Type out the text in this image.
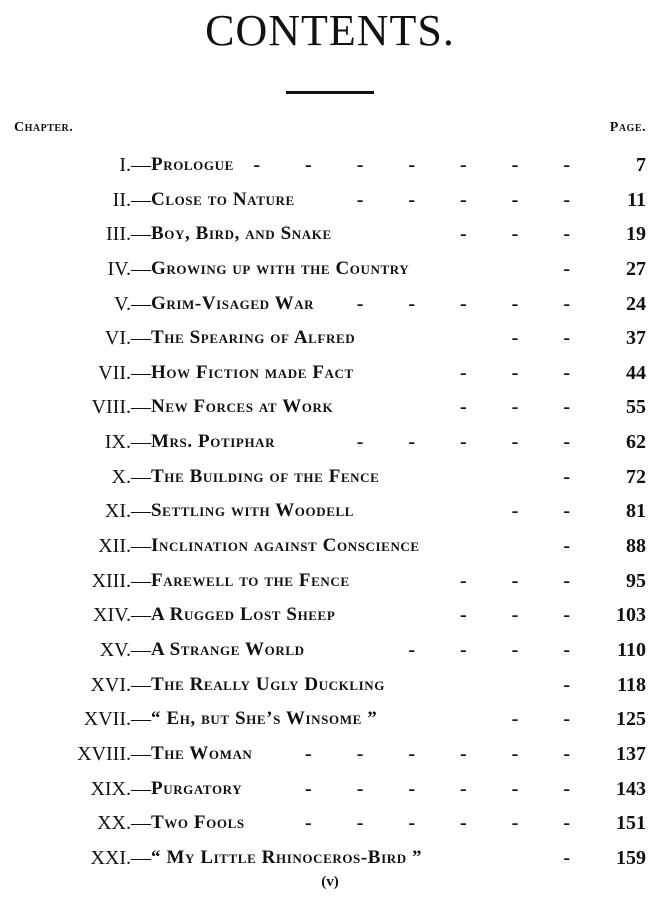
CONTENTS.
Chapter.	Page.
I. — Prologue - - - - - - - 7
II. — Close to Nature	- - - - - 11
III. — Boy, Bird, and Snake	- - - 19
IV. — Growing up with the Country	- 27
V. — Grim-Visaged War - - - - - 24
VI. — The Spearing of Alfred	- - 37
VII. — How Fiction made Fact	- - - 44
VIII. — New Forces at Work	- - - 55
IX. — Mrs. Potiphar	- - - - - 62
X. — The Building of the Fence	- 72
XI. — Settling with Woodell	- - 81
XII. — Inclination against Conscience	- 88
XIII. — Farewell to the Fence	- - - 95
XIV. — A Rugged Lost Sheep	- - - 103
XV. — A Strange World	- - - - 110
XVI. — The Really Ugly Duckling	- 118
XVII. — “ Eh, but She’s Winsome ”	- - 125
XVIII. — The Woman	- - - - - - 137
XIX. — Purgatory	- - - - - - 143
XX. — Two Fools	- - - - - - 151
XXI. — “ My Little Rhinoceros-Bird ”	- 159
(v)
